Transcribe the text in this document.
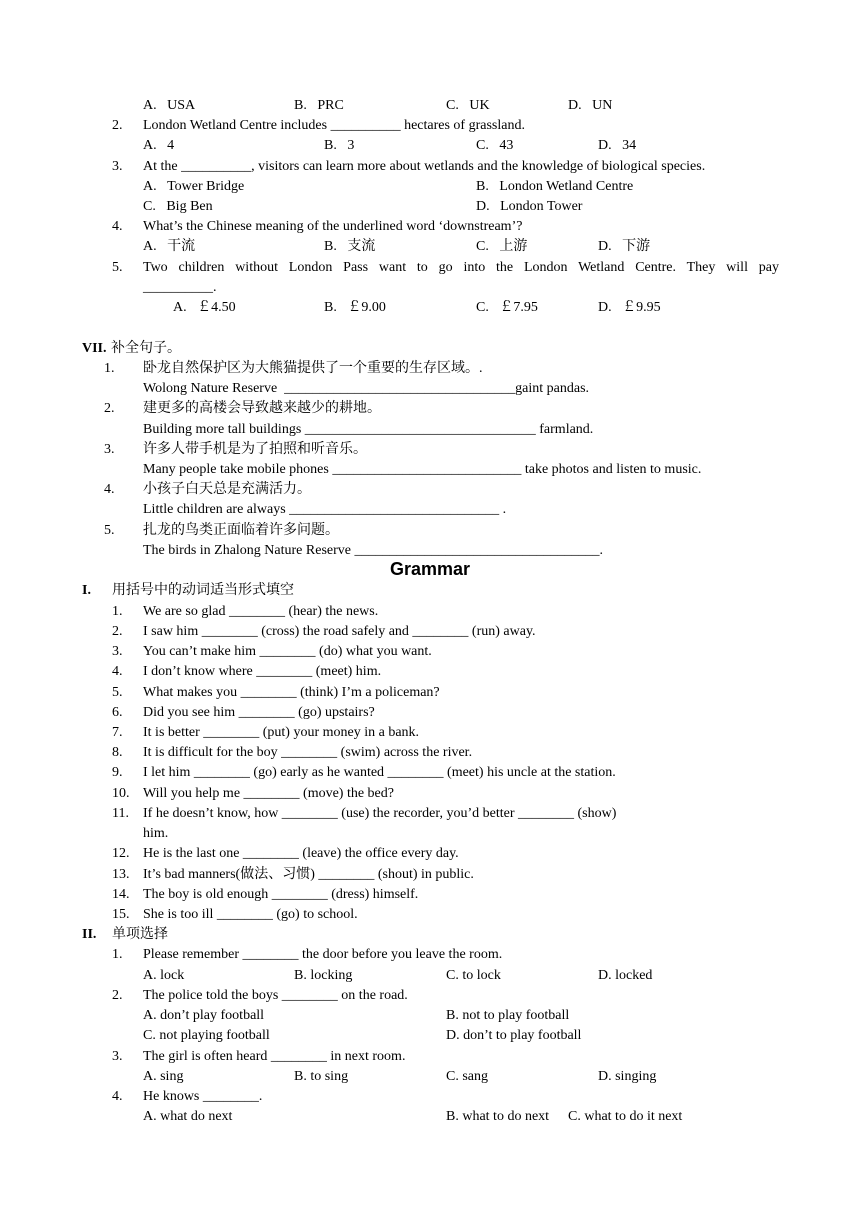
A.   USA	B.   PRC	C.   UK	D.   UN
2. London Wetland Centre includes __________ hectares of grassland.
A.   4	B.   3	C.   43	D.   34
3. At the __________, visitors can learn more about wetlands and the knowledge of biological species.
A.   Tower Bridge	B.   London Wetland Centre
C.   Big Ben	D.   London Tower
4. What’s the Chinese meaning of the underlined word ‘downstream’?
A.   干流	B.   支流	C.   上游	D.   下游
5. Two children without London Pass want to go into the London Wetland Centre. They will pay
__________.
A.   ￡4.50	B.   ￡9.00	C.   ￡7.95	D.   ￡9.95
VII. 补全句子。
1. 卧龙自然保护区为大熊猫提供了一个重要的生存区域。.
Wolong Nature Reserve  _________________________________gaint pandas.
2. 建更多的高楼会导致越来越少的耕地。
Building more tall buildings _________________________________ farmland.
3. 许多人带手机是为了拍照和听音乐。
Many people take mobile phones ___________________________ take photos and listen to music.
4. 小孩子白天总是充满活力。
Little children are always ______________________________ .
5. 扎龙的鸟类正面临着许多问题。
The birds in Zhalong Nature Reserve ___________________________________.
Grammar
I. 用括号中的动词适当形式填空
1. We are so glad ________ (hear) the news.
2. I saw him ________ (cross) the road safely and ________ (run) away.
3. You can’t make him ________ (do) what you want.
4. I don’t know where ________ (meet) him.
5. What makes you ________ (think) I’m a policeman?
6. Did you see him ________ (go) upstairs?
7. It is better ________ (put) your money in a bank.
8. It is difficult for the boy ________ (swim) across the river.
9. I let him ________ (go) early as he wanted ________ (meet) his uncle at the station.
10. Will you help me ________ (move) the bed?
11. If he doesn’t know, how ________ (use) the recorder, you’d better ________ (show)
him.
12. He is the last one ________ (leave) the office every day.
13. It’s bad manners(做法、习惯) ________ (shout) in public.
14. The boy is old enough ________ (dress) himself.
15. She is too ill ________ (go) to school.
II. 单项选择
1. Please remember ________ the door before you leave the room.
A. lock	B. locking	C. to lock	D. locked
2. The police told the boys ________ on the road.
A. don’t play football	B. not to play football
C. not playing football	D. don’t to play football
3. The girl is often heard ________ in next room.
A. sing	B. to sing	C. sang	D. singing
4. He knows ________.
A. what do next	B. what to do next C. what to do it next
